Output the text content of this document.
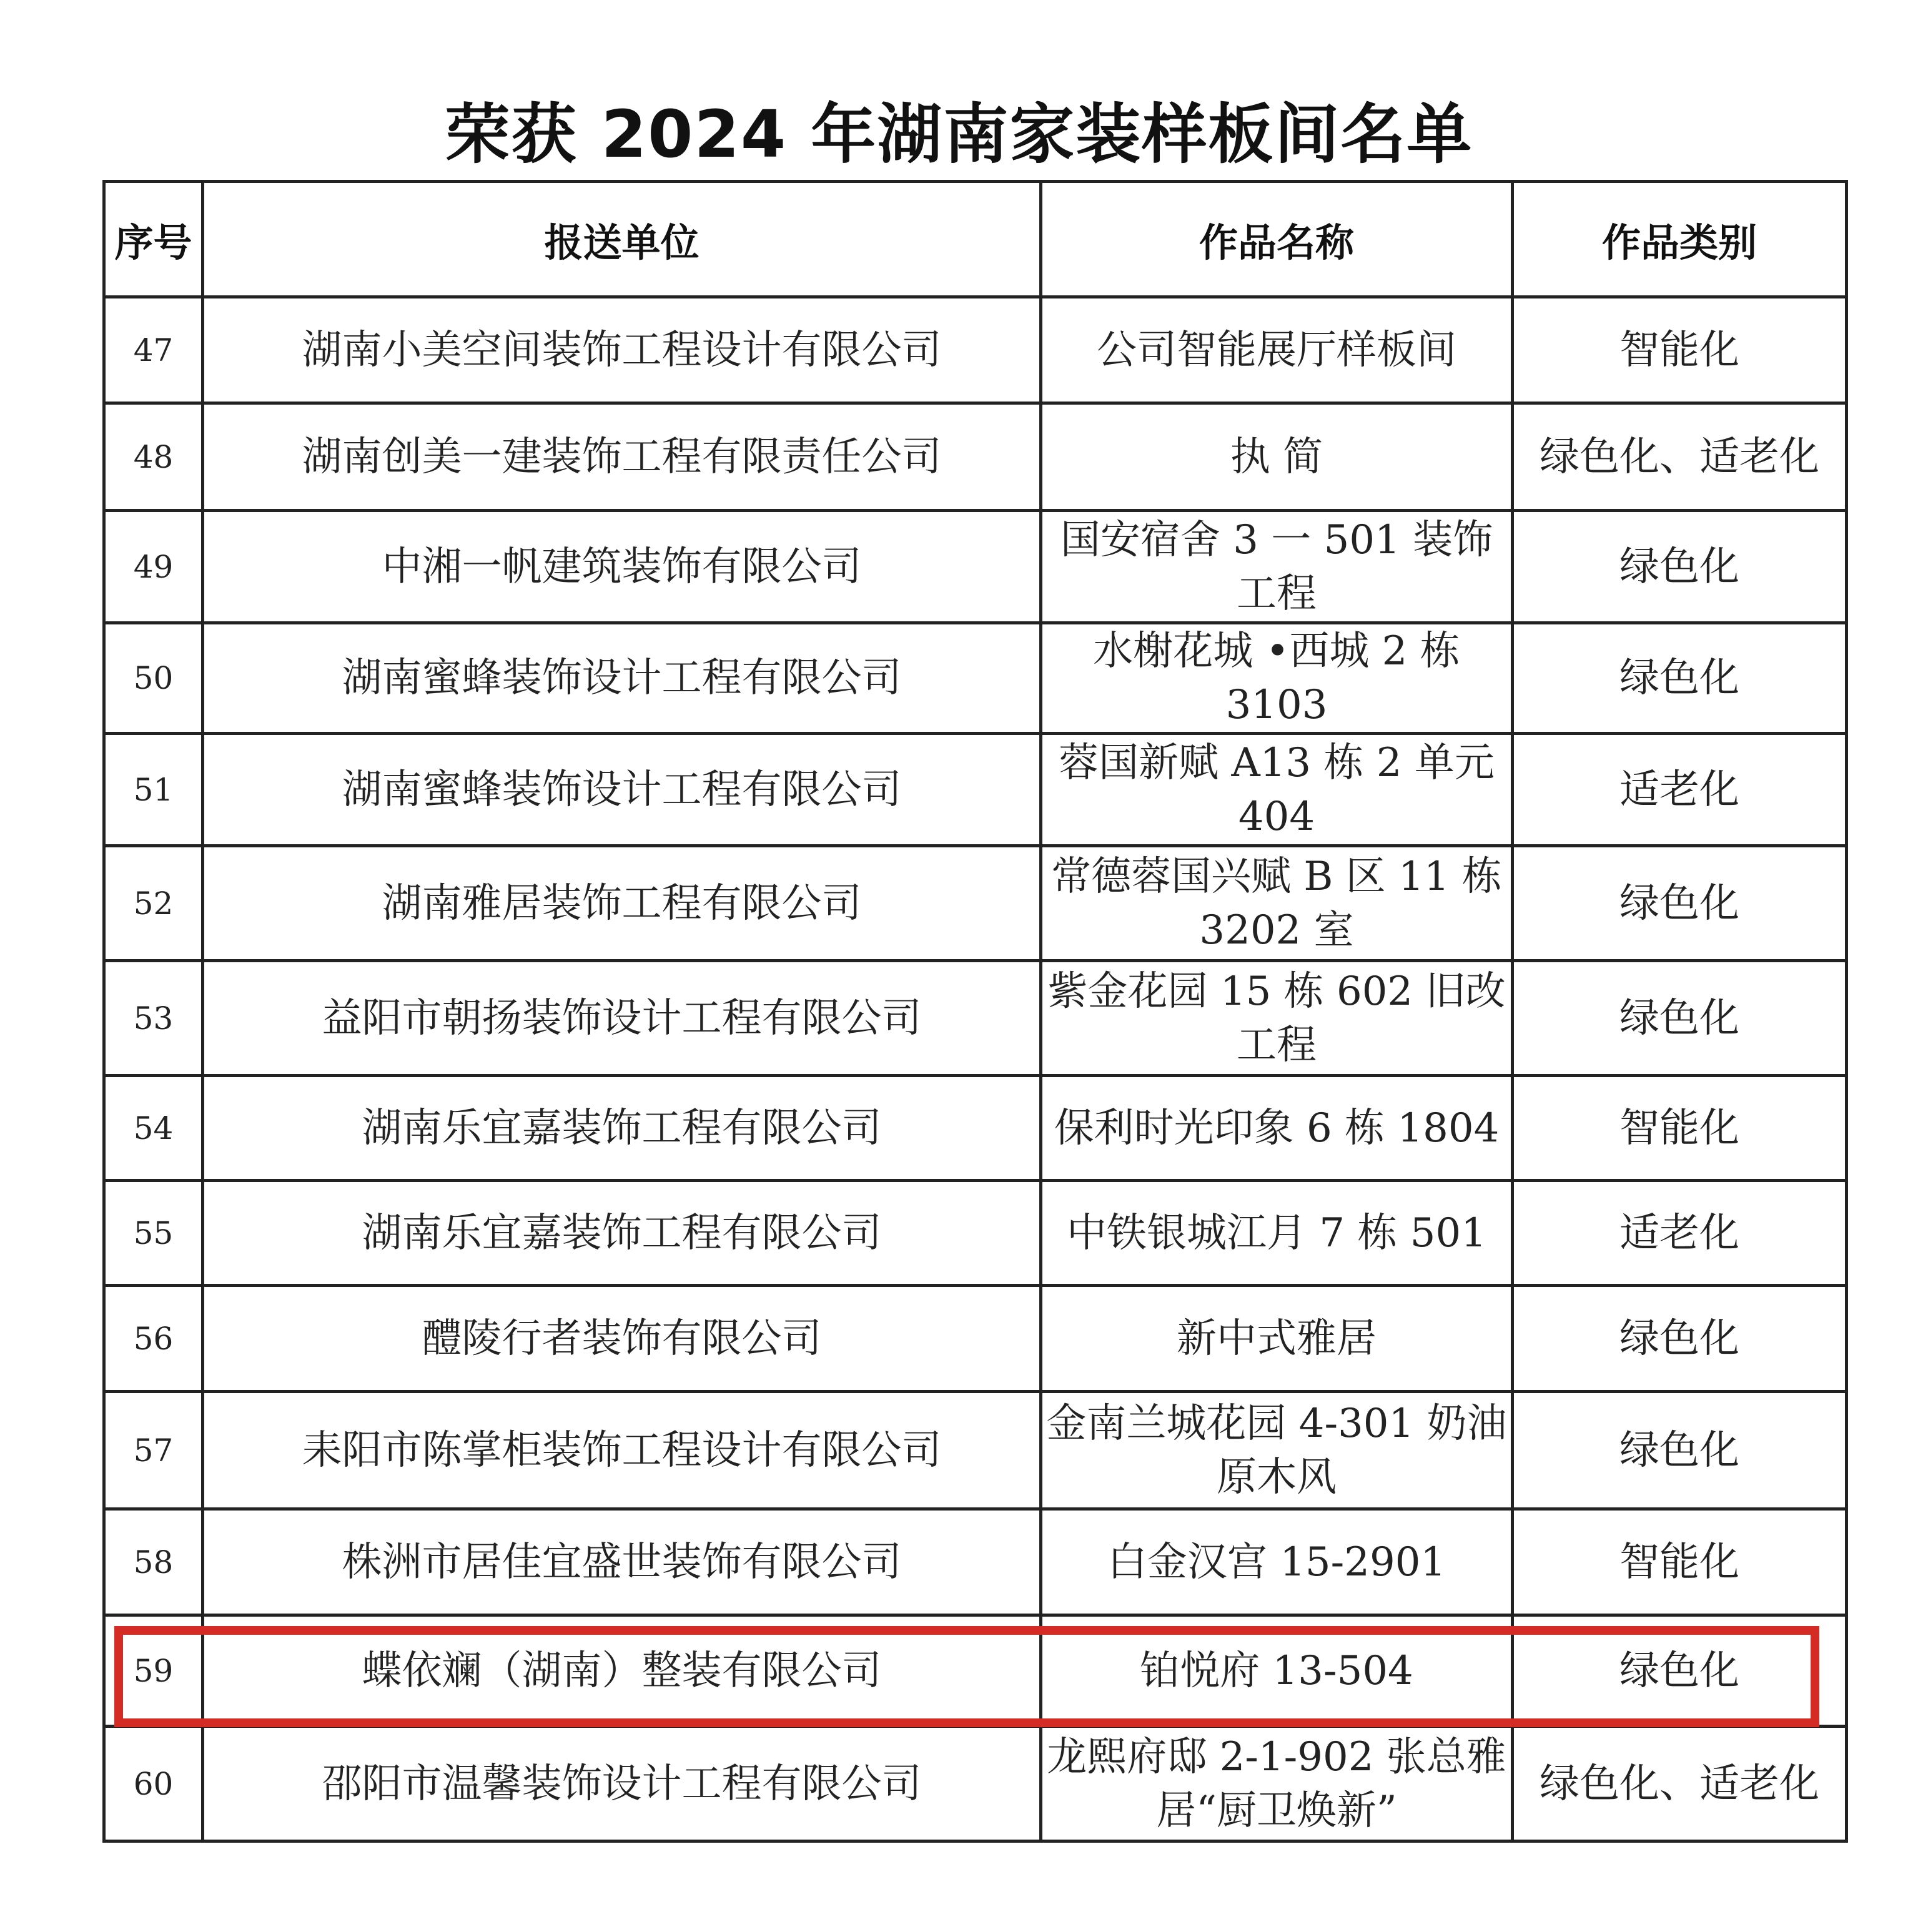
荣获 2024 年湖南家装样板间名单
序号	报送单位	作品名称	作品类别
47	湖南小美空间装饰工程设计有限公司	公司智能展厅样板间	智能化
48	湖南创美一建装饰工程有限责任公司	执 简	绿色化、适老化
49	中湘一帆建筑装饰有限公司	国安宿舍 3 一 501 装饰工程	绿色化
50	湖南蜜蜂装饰设计工程有限公司	水榭花城 •西城 2 栋 3103	绿色化
51	湖南蜜蜂装饰设计工程有限公司	蓉国新赋 A13 栋 2 单元 404	适老化
52	湖南雅居装饰工程有限公司	常德蓉国兴赋 B 区 11 栋 3202 室	绿色化
53	益阳市朝扬装饰设计工程有限公司	紫金花园 15 栋 602 旧改工程	绿色化
54	湖南乐宜嘉装饰工程有限公司	保利时光印象 6 栋 1804	智能化
55	湖南乐宜嘉装饰工程有限公司	中铁银城江月 7 栋 501	适老化
56	醴陵行者装饰有限公司	新中式雅居	绿色化
57	耒阳市陈掌柜装饰工程设计有限公司	金南兰城花园 4-301 奶油原木风	绿色化
58	株洲市居佳宜盛世装饰有限公司	白金汉宫 15-2901	智能化
59	蝶依斓（湖南）整装有限公司	铂悦府 13-504	绿色化
60	邵阳市温馨装饰设计工程有限公司	龙熙府邸 2-1-902 张总雅居“厨卫焕新”	绿色化、适老化
